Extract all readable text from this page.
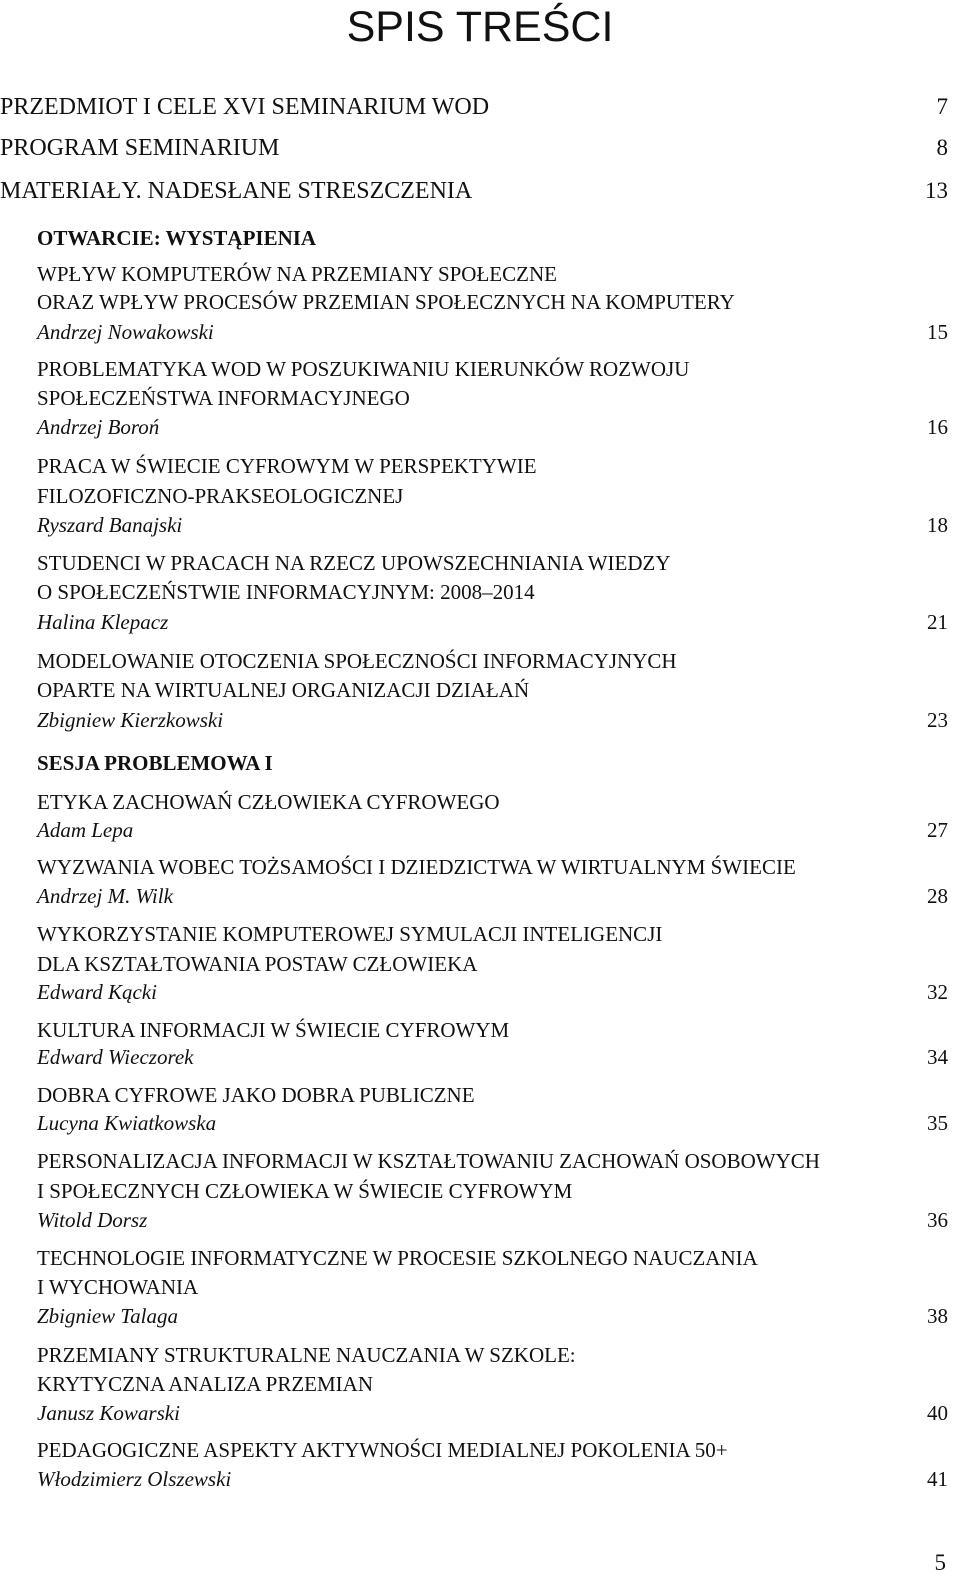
SPIS TREŚCI
PRZEDMIOT I CELE XVI SEMINARIUM WOD	7
PROGRAM SEMINARIUM	8
MATERIAŁY. NADESŁANE STRESZCZENIA	13
OTWARCIE: WYSTĄPIENIA
WPŁYW KOMPUTERÓW NA PRZEMIANY SPOŁECZNE
ORAZ WPŁYW PROCESÓW PRZEMIAN SPOŁECZNYCH NA KOMPUTERY
Andrzej Nowakowski	15
PROBLEMATYKA WOD W POSZUKIWANIU KIERUNKÓW ROZWOJU
SPOŁECZEŃSTWA INFORMACYJNEGO
Andrzej Boroń	16
PRACA W ŚWIECIE CYFROWYM W PERSPEKTYWIE
FILOZOFICZNO-PRAKSEOLOGICZNEJ
Ryszard Banajski	18
STUDENCI W PRACACH NA RZECZ UPOWSZECHNIANIA WIEDZY
O SPOŁECZEŃSTWIE INFORMACYJNYM: 2008–2014
Halina Klepacz	21
MODELOWANIE OTOCZENIA SPOŁECZNOŚCI INFORMACYJNYCH
OPARTE NA WIRTUALNEJ ORGANIZACJI DZIAŁAŃ
Zbigniew Kierzkowski	23
SESJA PROBLEMOWA I
ETYKA ZACHOWAŃ CZŁOWIEKA CYFROWEGO
Adam Lepa	27
WYZWANIA WOBEC TOŻSAMOŚCI I DZIEDZICTWA W WIRTUALNYM ŚWIECIE
Andrzej M. Wilk	28
WYKORZYSTANIE KOMPUTEROWEJ SYMULACJI INTELIGENCJI
DLA KSZTAŁTOWANIA POSTAW CZŁOWIEKA
Edward Kącki	32
KULTURA INFORMACJI W ŚWIECIE CYFROWYM
Edward Wieczorek	34
DOBRA CYFROWE JAKO DOBRA PUBLICZNE
Lucyna Kwiatkowska	35
PERSONALIZACJA INFORMACJI W KSZTAŁTOWANIU ZACHOWAŃ OSOBOWYCH
I SPOŁECZNYCH CZŁOWIEKA W ŚWIECIE CYFROWYM
Witold Dorsz	36
TECHNOLOGIE INFORMATYCZNE W PROCESIE SZKOLNEGO NAUCZANIA
I WYCHOWANIA
Zbigniew Talaga	38
PRZEMIANY STRUKTURALNE NAUCZANIA W SZKOLE:
KRYTYCZNA ANALIZA PRZEMIAN
Janusz Kowarski	40
PEDAGOGICZNE ASPEKTY AKTYWNOŚCI MEDIALNEJ POKOLENIA 50+
Włodzimierz Olszewski	41
5
